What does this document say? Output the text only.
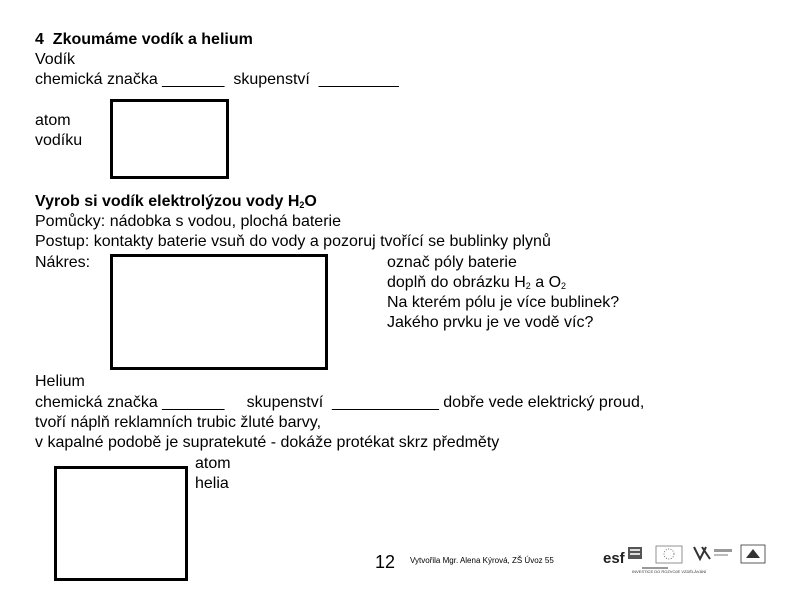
4  Zkoumáme vodík a helium
Vodík
chemická značka _______  skupenství  _________
atom
vodíku
Vyrob si vodík elektrolýzou vody $H_2O$
Pomůcky: nádobka s vodou, plochá baterie
Postup: kontakty baterie vsuň do vody a pozoruj tvořící se bublinky plynů
Nákres:	označ póly baterie
doplň do obrázku $H_2$ a $O_2$
Na kterém pólu je více bublinek?
Jakého prvku je ve vodě víc?
Helium
chemická značka _______     skupenství  ____________ dobře vede elektrický proud,
tvoří náplň reklamních trubic žluté barvy,
v kapalné podobě je supratekuté - dokáže protékat skrz předměty
atom
helia
12 Vytvořila Mgr. Alena Kýrová, ZŠ Úvoz 55	esf
INVESTICE DO ROZVOJE VZDĚLÁVÁNÍ
